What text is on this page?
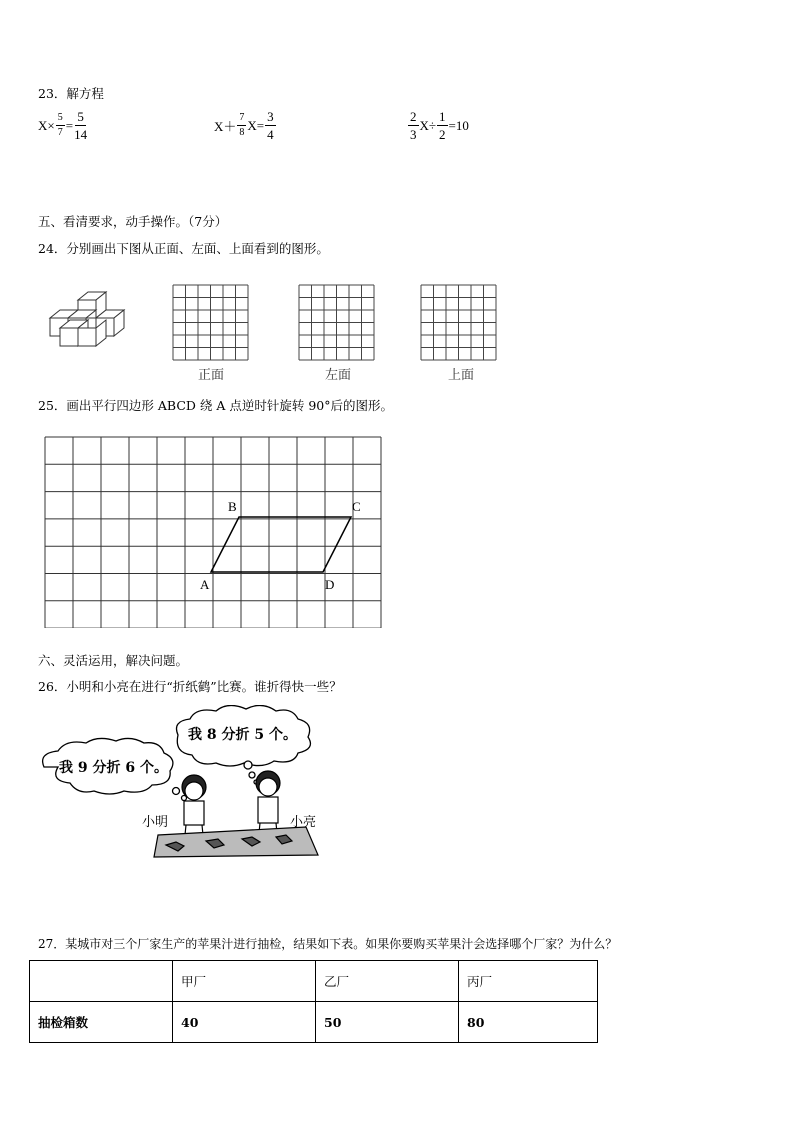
23．解方程
$X\times \frac{5}{7} = \frac{5}{14}$	$X+ \frac{7}{8} X= \frac{3}{4}$	$\frac{2}{3} X\div \frac{1}{2} =10$
五、看清要求，动手操作。（7分）
24．分别画出下图从正面、左面、上面看到的图形。
正面	左面	上面
25．画出平行四边形 ABCD 绕 A 点逆时针旋转 90°后的图形。
A
B	C
D
六、灵活运用，解决问题。
26．小明和小亮在进行“折纸鹤”比赛。谁折得快一些？
我 8 分折 5 个。
我 9 分折 6 个。
小明	小亮
27．某城市对三个厂家生产的苹果汁进行抽检，结果如下表。如果你要购买苹果汁会选择哪个厂家？为什么？
	甲厂	乙厂	丙厂
抽检箱数	40	50	80
